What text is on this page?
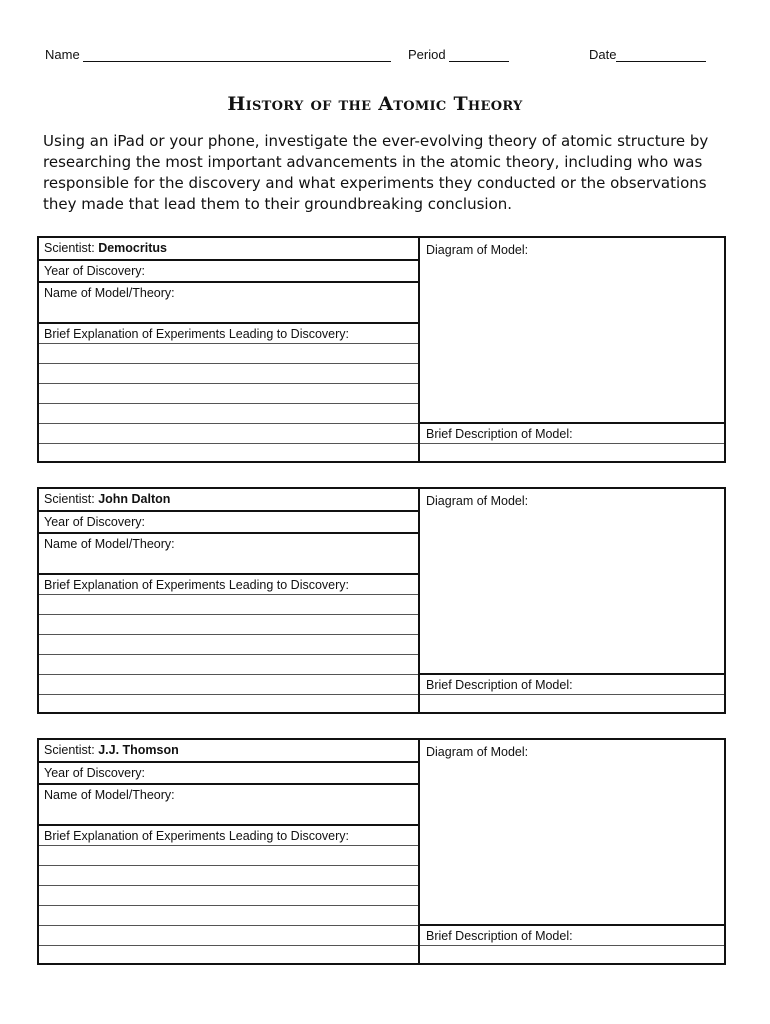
Name	Period	Date
History of the Atomic Theory
Using an iPad or your phone, investigate the ever-evolving theory of atomic structure by researching the most important advancements in the atomic theory, including who was responsible for the discovery and what experiments they conducted or the observations they made that lead them to their groundbreaking conclusion.
Scientist: Democritus
Year of Discovery:
Name of Model/Theory:
Brief Explanation of Experiments Leading to Discovery:
Diagram of Model:
Brief Description of Model:
Scientist: John Dalton
Year of Discovery:
Name of Model/Theory:
Brief Explanation of Experiments Leading to Discovery:
Diagram of Model:
Brief Description of Model:
Scientist: J.J. Thomson
Year of Discovery:
Name of Model/Theory:
Brief Explanation of Experiments Leading to Discovery:
Diagram of Model:
Brief Description of Model:
